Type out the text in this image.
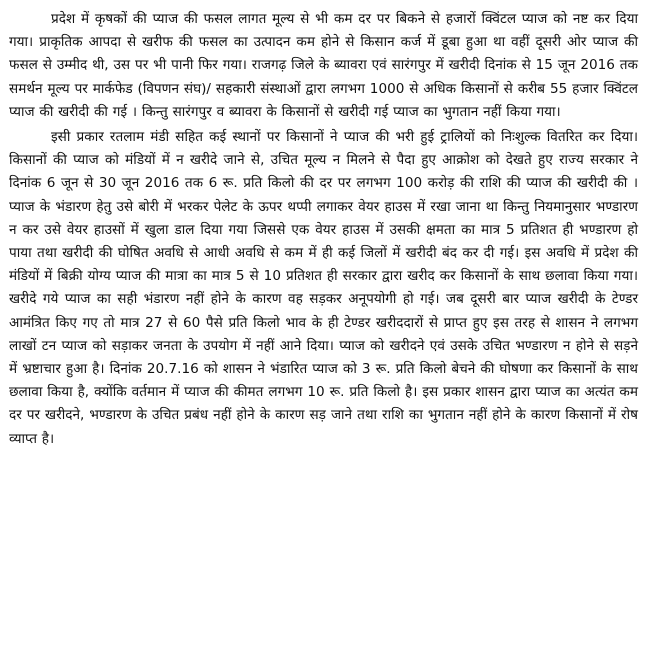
प्रदेश में कृषकों की प्याज की फसल लागत मूल्य से भी कम दर पर बिकने से हजारों क्विंटल प्याज को नष्ट कर दिया गया। प्राकृतिक आपदा से खरीफ की फसल का उत्पादन कम होने से किसान कर्ज में डूबा हुआ था वहीं दूसरी ओर प्याज की फसल से उम्मीद थी, उस पर भी पानी फिर गया। राजगढ़ जिले के ब्यावरा एवं सारंगपुर में खरीदी दिनांक से 15 जून 2016 तक समर्थन मूल्य पर मार्कफेड (विपणन संघ)/ सहकारी संस्थाओं द्वारा लगभग 1000 से अधिक किसानों से करीब 55 हजार क्विंटल प्याज की खरीदी की गई । किन्तु सारंगपुर व ब्यावरा के किसानों से खरीदी गई प्याज का भुगतान नहीं किया गया।

इसी प्रकार रतलाम मंडी सहित कई स्थानों पर किसानों ने प्याज की भरी हुई ट्रालियों को निःशुल्क वितरित कर दिया। किसानों की प्याज को मंडियों में न खरीदे जाने से, उचित मूल्य न मिलने से पैदा हुए आक्रोश को देखते हुए राज्य सरकार ने दिनांक 6 जून से 30 जून 2016 तक 6 रू. प्रति किलो की दर पर लगभग 100 करोड़ की राशि की प्याज की खरीदी की । प्याज के भंडारण हेतु उसे बोरी में भरकर पेलेट के ऊपर थप्पी लगाकर वेयर हाउस में रखा जाना था किन्तु नियमानुसार भण्डारण न कर उसे वेयर हाउसों में खुला डाल दिया गया जिससे एक वेयर हाउस में उसकी क्षमता का मात्र 5 प्रतिशत ही भण्डारण हो पाया तथा खरीदी की घोषित अवधि से आधी अवधि से कम में ही कई जिलों में खरीदी बंद कर दी गई। इस अवधि में प्रदेश की मंडियों में बिक्री योग्य प्याज की मात्रा का मात्र 5 से 10 प्रतिशत ही सरकार द्वारा खरीद कर किसानों के साथ छलावा किया गया। खरीदे गये प्याज का सही भंडारण नहीं होने के कारण वह सड़कर अनूपयोगी हो गई। जब दूसरी बार प्याज खरीदी के टेण्डर आमंत्रित किए गए तो मात्र 27 से 60 पैसे प्रति किलो भाव के ही टेण्डर खरीददारों से प्राप्त हुए इस तरह से शासन ने लगभग लाखों टन प्याज को सड़ाकर जनता के उपयोग में नहीं आने दिया। प्याज को खरीदने एवं उसके उचित भण्डारण न होने से सड़ने में भ्रष्टाचार हुआ है। दिनांक 20.7.16 को शासन ने भंडारित प्याज को 3 रू. प्रति किलो बेचने की घोषणा कर किसानों के साथ छलावा किया है, क्योंकि वर्तमान में प्याज की कीमत लगभग 10 रू. प्रति किलो है। इस प्रकार शासन द्वारा प्याज का अत्यंत कम दर पर खरीदने, भण्डारण के उचित प्रबंध नहीं होने के कारण सड़ जाने तथा राशि का भुगतान नहीं होने के कारण किसानों में रोष व्याप्त है।
